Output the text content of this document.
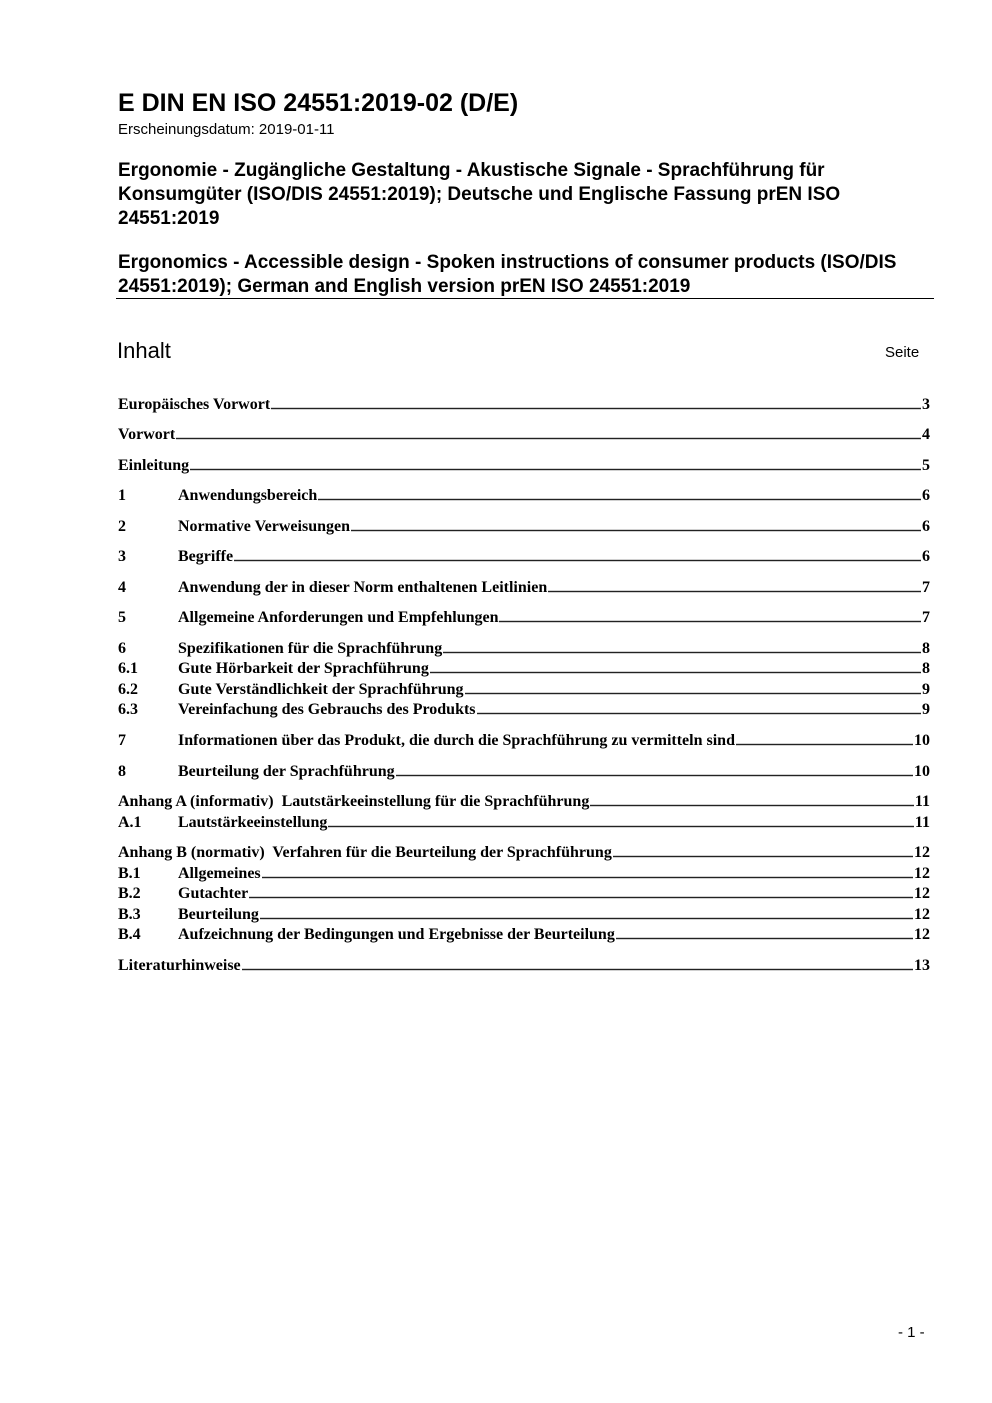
E DIN EN ISO 24551:2019-02 (D/E)
Erscheinungsdatum: 2019-01-11
Ergonomie - Zugängliche Gestaltung - Akustische Signale - Sprachführung für Konsumgüter (ISO/DIS 24551:2019); Deutsche und Englische Fassung prEN ISO 24551:2019
Ergonomics - Accessible design - Spoken instructions of consumer products (ISO/DIS 24551:2019); German and English version prEN ISO 24551:2019
Inhalt	Seite
Europäisches Vorwort	3
Vorwort	4
Einleitung	5
1	Anwendungsbereich	6
2	Normative Verweisungen	6
3	Begriffe	6
4	Anwendung der in dieser Norm enthaltenen Leitlinien	7
5	Allgemeine Anforderungen und Empfehlungen	7
6	Spezifikationen für die Sprachführung	8
6.1	Gute Hörbarkeit der Sprachführung	8
6.2	Gute Verständlichkeit der Sprachführung	9
6.3	Vereinfachung des Gebrauchs des Produkts	9
7	Informationen über das Produkt, die durch die Sprachführung zu vermitteln sind	10
8	Beurteilung der Sprachführung	10
Anhang A (informativ)  Lautstärkeeinstellung für die Sprachführung	11
A.1	Lautstärkeeinstellung	11
Anhang B (normativ)  Verfahren für die Beurteilung der Sprachführung	12
B.1	Allgemeines	12
B.2	Gutachter	12
B.3	Beurteilung	12
B.4	Aufzeichnung der Bedingungen und Ergebnisse der Beurteilung	12
Literaturhinweise	13
- 1 -
